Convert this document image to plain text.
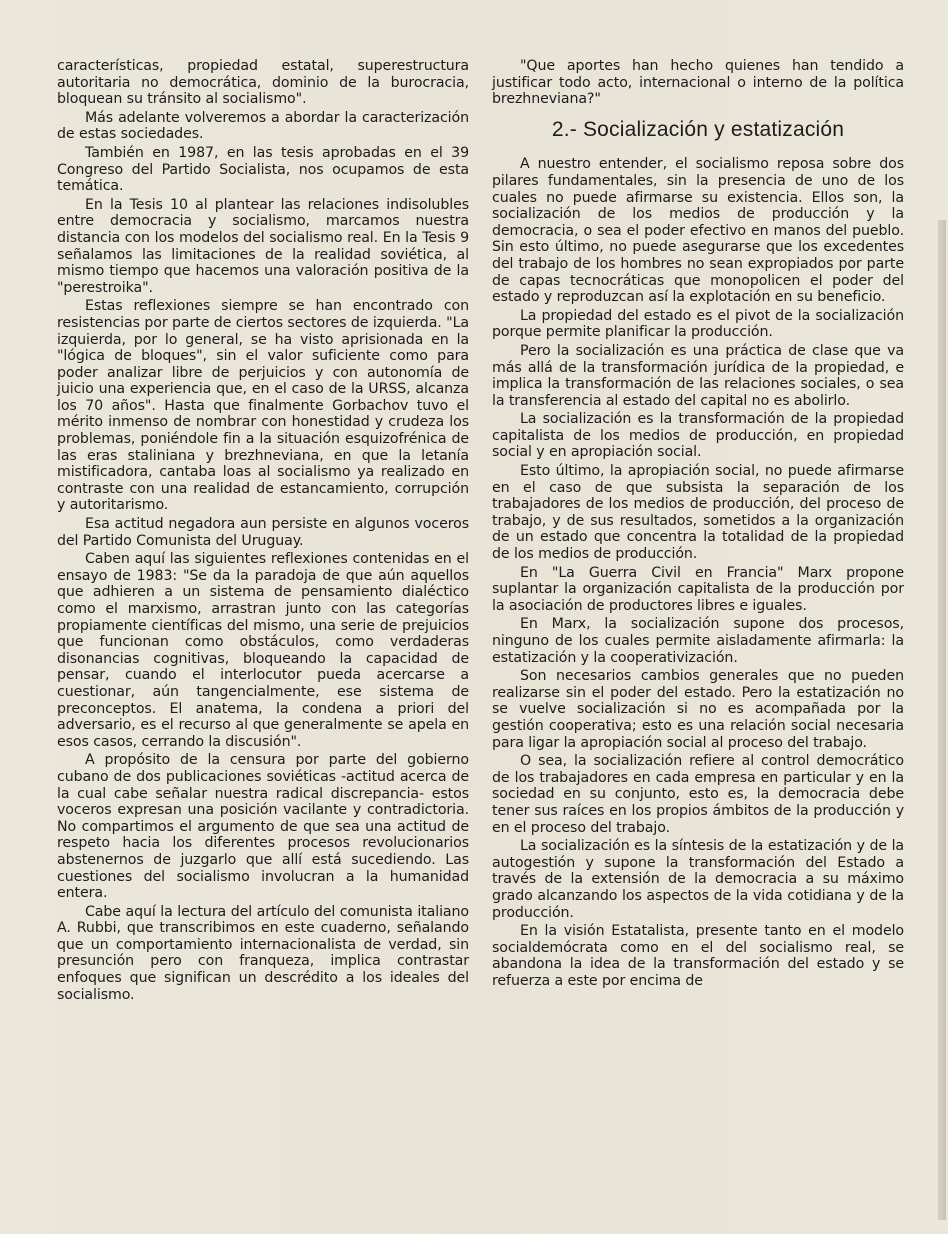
características, propiedad estatal, superestructura autoritaria no democrática, dominio de la burocracia, bloquean su tránsito al socialismo".

Más adelante volveremos a abordar la caracterización de estas sociedades.

También en 1987, en las tesis aprobadas en el 39 Congreso del Partido Socialista, nos ocupamos de esta temática.

En la Tesis 10 al plantear las relaciones indisolubles entre democracia y socialismo, marcamos nuestra distancia con los modelos del socialismo real. En la Tesis 9 señalamos las limitaciones de la realidad soviética, al mismo tiempo que hacemos una valoración positiva de la "perestroika".

Estas reflexiones siempre se han encontrado con resistencias por parte de ciertos sectores de izquierda. "La izquierda, por lo general, se ha visto aprisionada en la "lógica de bloques", sin el valor suficiente como para poder analizar libre de perjuicios y con autonomía de juicio una experiencia que, en el caso de la URSS, alcanza los 70 años". Hasta que finalmente Gorbachov tuvo el mérito inmenso de nombrar con honestidad y crudeza los problemas, poniéndole fin a la situación esquizofrénica de las eras staliniana y brezhneviana, en que la letanía mistificadora, cantaba loas al socialismo ya realizado en contraste con una realidad de estancamiento, corrupción y autoritarismo.

Esa actitud negadora aun persiste en algunos voceros del Partido Comunista del Uruguay.

Caben aquí las siguientes reflexiones contenidas en el ensayo de 1983: "Se da la paradoja de que aún aquellos que adhieren a un sistema de pensamiento dialéctico como el marxismo, arrastran junto con las categorías propiamente científicas del mismo, una serie de prejuicios que funcionan como obstáculos, como verdaderas disonancias cognitivas, bloqueando la capacidad de pensar, cuando el interlocutor pueda acercarse a cuestionar, aún tangencialmente, ese sistema de preconceptos. El anatema, la condena a priori del adversario, es el recurso al que generalmente se apela en esos casos, cerrando la discusión".

A propósito de la censura por parte del gobierno cubano de dos publicaciones soviéticas -actitud acerca de la cual cabe señalar nuestra radical discrepancia- estos voceros expresan una posición vacilante y contradictoria. No compartimos el argumento de que sea una actitud de respeto hacia los diferentes procesos revolucionarios abstenernos de juzgarlo que allí está sucediendo. Las cuestiones del socialismo involucran a la humanidad entera.

Cabe aquí la lectura del artículo del comunista italiano A. Rubbi, que transcribimos en este cuaderno, señalando que un comportamiento internacionalista de verdad, sin presunción pero con franqueza, implica contrastar enfoques que significan un descrédito a los ideales del socialismo.

"Que aportes han hecho quienes han tendido a justificar todo acto, internacional o interno de la política brezhneviana?"

2.- Socialización y estatización

A nuestro entender, el socialismo reposa sobre dos pilares fundamentales, sin la presencia de uno de los cuales no puede afirmarse su existencia. Ellos son, la socialización de los medios de producción y la democracia, o sea el poder efectivo en manos del pueblo. Sin esto último, no puede asegurarse que los excedentes del trabajo de los hombres no sean expropiados por parte de capas tecnocráticas que monopolicen el poder del estado y reproduzcan así la explotación en su beneficio.

La propiedad del estado es el pivot de la socialización porque permite planificar la producción.

Pero la socialización es una práctica de clase que va más allá de la transformación jurídica de la propiedad, e implica la transformación de las relaciones sociales, o sea la transferencia al estado del capital no es abolirlo.

La socialización es la transformación de la propiedad capitalista de los medios de producción, en propiedad social y en apropiación social.

Esto último, la apropiación social, no puede afirmarse en el caso de que subsista la separación de los trabajadores de los medios de producción, del proceso de trabajo, y de sus resultados, sometidos a la organización de un estado que concentra la totalidad de la propiedad de los medios de producción.

En "La Guerra Civil en Francia" Marx propone suplantar la organización capitalista de la producción por la asociación de productores libres e iguales.

En Marx, la socialización supone dos procesos, ninguno de los cuales permite aisladamente afirmarla: la estatización y la cooperativización.

Son necesarios cambios generales que no pueden realizarse sin el poder del estado. Pero la estatización no se vuelve socialización si no es acompañada por la gestión cooperativa; esto es una relación social necesaria para ligar la apropiación social al proceso del trabajo.

O sea, la socialización refiere al control democrático de los trabajadores en cada empresa en particular y en la sociedad en su conjunto, esto es, la democracia debe tener sus raíces en los propios ámbitos de la producción y en el proceso del trabajo.

La socialización es la síntesis de la estatización y de la autogestión y supone la transformación del Estado a través de la extensión de la democracia a su máximo grado alcanzando los aspectos de la vida cotidiana y de la producción.

En la visión Estatalista, presente tanto en el modelo socialdemócrata como en el del socialismo real, se abandona la idea de la transformación del estado y se refuerza a este por encima de
